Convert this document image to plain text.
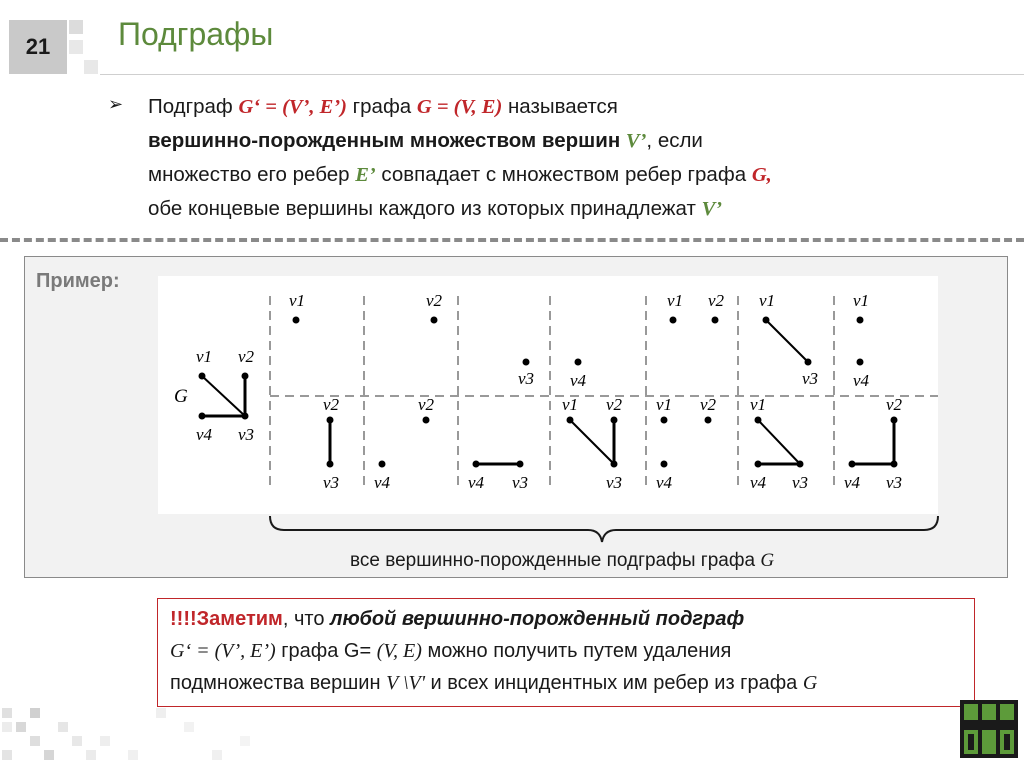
21	Подграфы
➢ Подграф G‘ = (V’, E’) графа G = (V, E) называется

вершинно-порожденным множеством вершин V’, если

множество его ребер E’ совпадает с множеством ребер графа G,

обе концевые вершины каждого из которых принадлежат V’

Пример:
G
v1 v2
v4 v3
v1	v2
v3 v4
v1 v2 v1
v3
v1
v4
v2
v3
v2
v4	v4 v3
v1 v2
v3
v1 v2
v4
v1
v4 v3
v2
v4 v3
все вершинно-порожденные подграфы графа G

!!!!Заметим, что любой вершинно-порожденный подграф

G‘ = (V’, E’) графа G= (V, E) можно получить путем удаления

подмножества вершин V \V' и всех инцидентных им ребер из графа G
